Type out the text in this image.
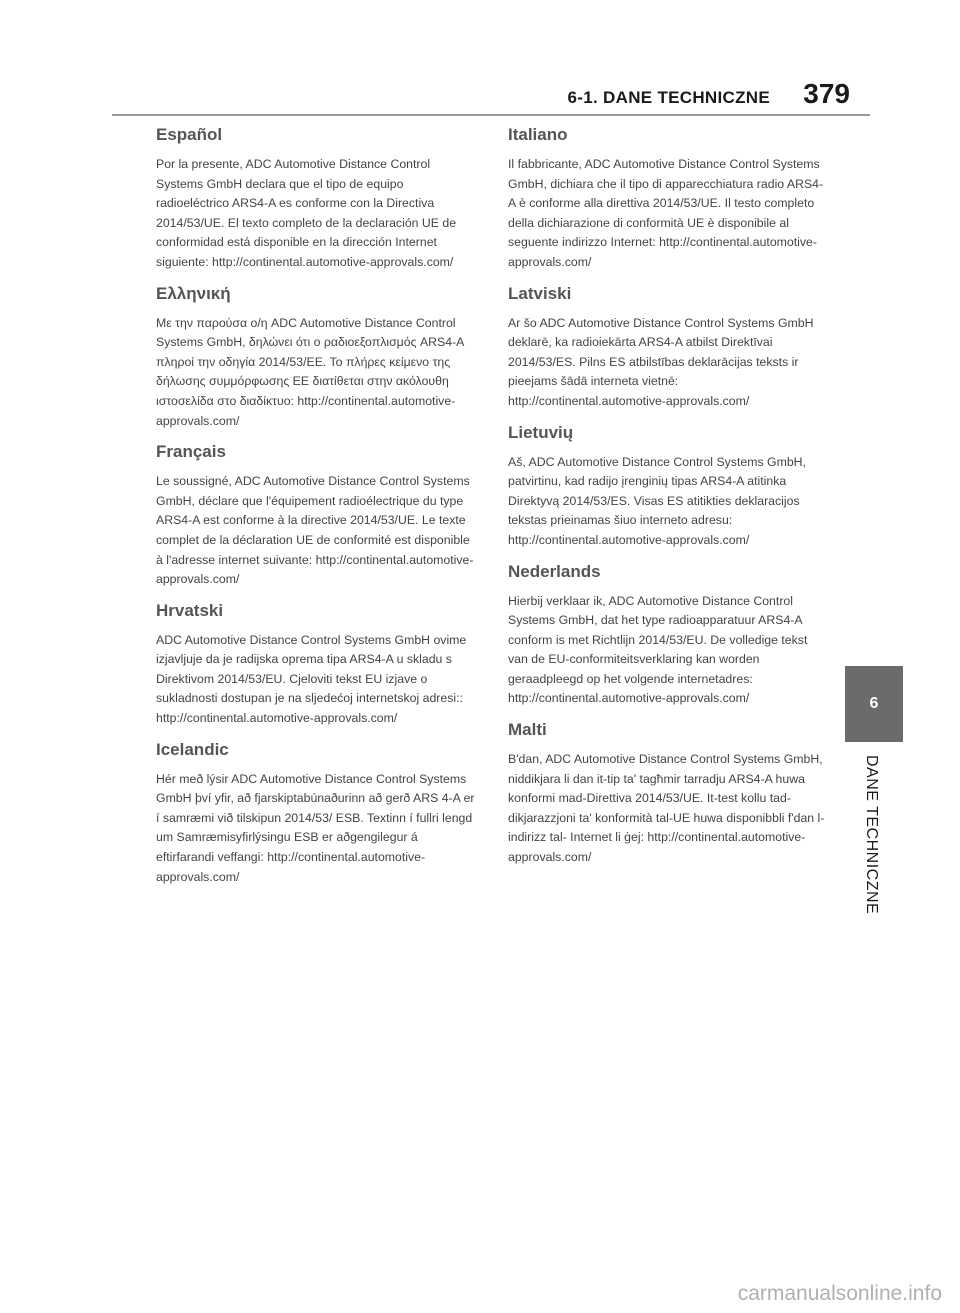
6-1. DANE TECHNICZNE 379
6
DANE TECHNICZNE
Español

Por la presente, ADC Automotive Distance Control Systems GmbH declara que el tipo de equipo radioeléctrico ARS4-A es conforme con la Directiva 2014/53/UE. El texto completo de la declaración UE de conformidad está disponible en la dirección Internet siguiente: http://continental.automotive-approvals.com/

Ελληνική

Με την παρούσα ο/η ADC Automotive Distance Control Systems GmbH, δηλώνει ότι ο ραδιοεξοπλισμός ARS4-A πληροί την οδηγία 2014/53/ΕΕ. Το πλήρες κείμενο της δήλωσης συμμόρφωσης ΕΕ διατίθεται στην ακόλουθη ιστοσελίδα στο διαδίκτυο: http://continental.automotive-approvals.com/

Français

Le soussigné, ADC Automotive Distance Control Systems GmbH, déclare que l'équipement radioélectrique du type ARS4-A est conforme à la directive 2014/53/UE. Le texte complet de la déclaration UE de conformité est disponible à l'adresse internet suivante: http://continental.automotive-approvals.com/

Hrvatski

ADC Automotive Distance Control Systems GmbH ovime izjavljuje da je radijska oprema tipa ARS4-A u skladu s Direktivom 2014/53/EU. Cjeloviti tekst EU izjave o sukladnosti dostupan je na sljedećoj internetskoj adresi:: http://continental.automotive-approvals.com/

Icelandic

Hér með lýsir ADC Automotive Distance Control Systems GmbH því yfir, að fjarskiptabúnaðurinn að gerð ARS 4-A er í samræmi við tilskipun 2014/53/ ESB. Textinn í fullri lengd um Samræmisyfirlýsingu ESB er aðgengilegur á eftirfarandi veffangi: http://continental.automotive-approvals.com/

Italiano

Il fabbricante, ADC Automotive Distance Control Systems GmbH, dichiara che il tipo di apparecchiatura radio ARS4-A è conforme alla direttiva 2014/53/UE. Il testo completo della dichiarazione di conformità UE è disponibile al seguente indirizzo Internet: http://continental.automotive-approvals.com/

Latviski

Ar šo ADC Automotive Distance Control Systems GmbH deklarē, ka radioiekārta ARS4-A atbilst Direktīvai 2014/53/ES. Pilns ES atbilstības deklarācijas teksts ir pieejams šādā interneta vietnē: http://continental.automotive-approvals.com/

Lietuvių

Aš, ADC Automotive Distance Control Systems GmbH, patvirtinu, kad radijo įrenginių tipas ARS4-A atitinka Direktyvą 2014/53/ES. Visas ES atitikties deklaracijos tekstas prieinamas šiuo interneto adresu: http://continental.automotive-approvals.com/

Nederlands

Hierbij verklaar ik, ADC Automotive Distance Control Systems GmbH, dat het type radioapparatuur ARS4-A conform is met Richtlijn 2014/53/EU. De volledige tekst van de EU-conformiteitsverklaring kan worden geraadpleegd op het volgende internetadres: http://continental.automotive-approvals.com/

Malti

B'dan, ADC Automotive Distance Control Systems GmbH, niddikjara li dan it-tip ta' tagħmir tarradju ARS4-A huwa konformi mad-Direttiva 2014/53/UE. It-test kollu tad-dikjarazzjoni ta' konformità tal-UE huwa disponibbli f'dan l-indirizz tal- Internet li ġej: http://continental.automotive-approvals.com/

carmanualsonline.info
